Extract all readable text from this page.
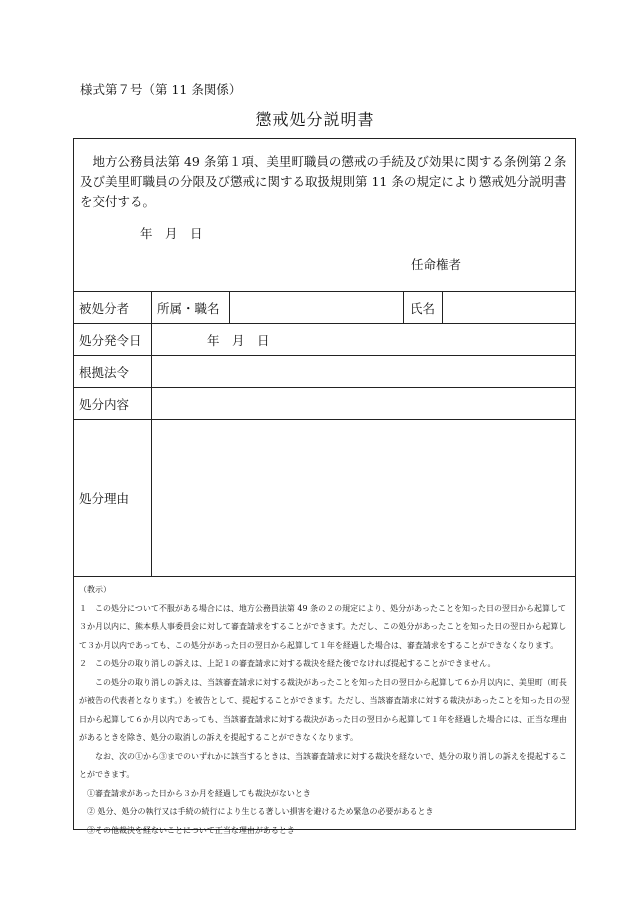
様式第７号（第 11 条関係）
懲戒処分説明書
地方公務員法第 49 条第１項、美里町職員の懲戒の手続及び効果に関する条例第２条及び美里町職員の分限及び懲戒に関する取扱規則第 11 条の規定により懲戒処分説明書を交付する。
年　月　日
任命権者
被処分者 所属・職名	氏名
処分発令日	年　月　日
根拠法令
処分内容
処分理由

（教示）

１　この処分について不服がある場合には、地方公務員法第 49 条の２の規定により、処分があったことを知った日の翌日から起算して３か月以内に、熊本県人事委員会に対して審査請求をすることができます。ただし、この処分があったことを知った日の翌日から起算して３か月以内であっても、この処分があった日の翌日から起算して１年を経過した場合は、審査請求をすることができなくなります。

２　この処分の取り消しの訴えは、上記１の審査請求に対する裁決を経た後でなければ提起することができません。

この処分の取り消しの訴えは、当該審査請求に対する裁決があったことを知った日の翌日から起算して６か月以内に、美里町（町長が被告の代表者となります。）を被告として、提起することができます。ただし、当該審査請求に対する裁決があったことを知った日の翌日から起算して６か月以内であっても、当該審査請求に対する裁決があった日の翌日から起算して１年を経過した場合には、正当な理由があるときを除き、処分の取消しの訴えを提起することができなくなります。

なお、次の①から③までのいずれかに該当するときは、当該審査請求に対する裁決を経ないで、処分の取り消しの訴えを提起することができます。

①審査請求があった日から３か月を経過しても裁決がないとき

② 処分、処分の執行又は手続の続行により生じる著しい損害を避けるため緊急の必要があるとき

③その他裁決を経ないことについて正当な理由があるとき
